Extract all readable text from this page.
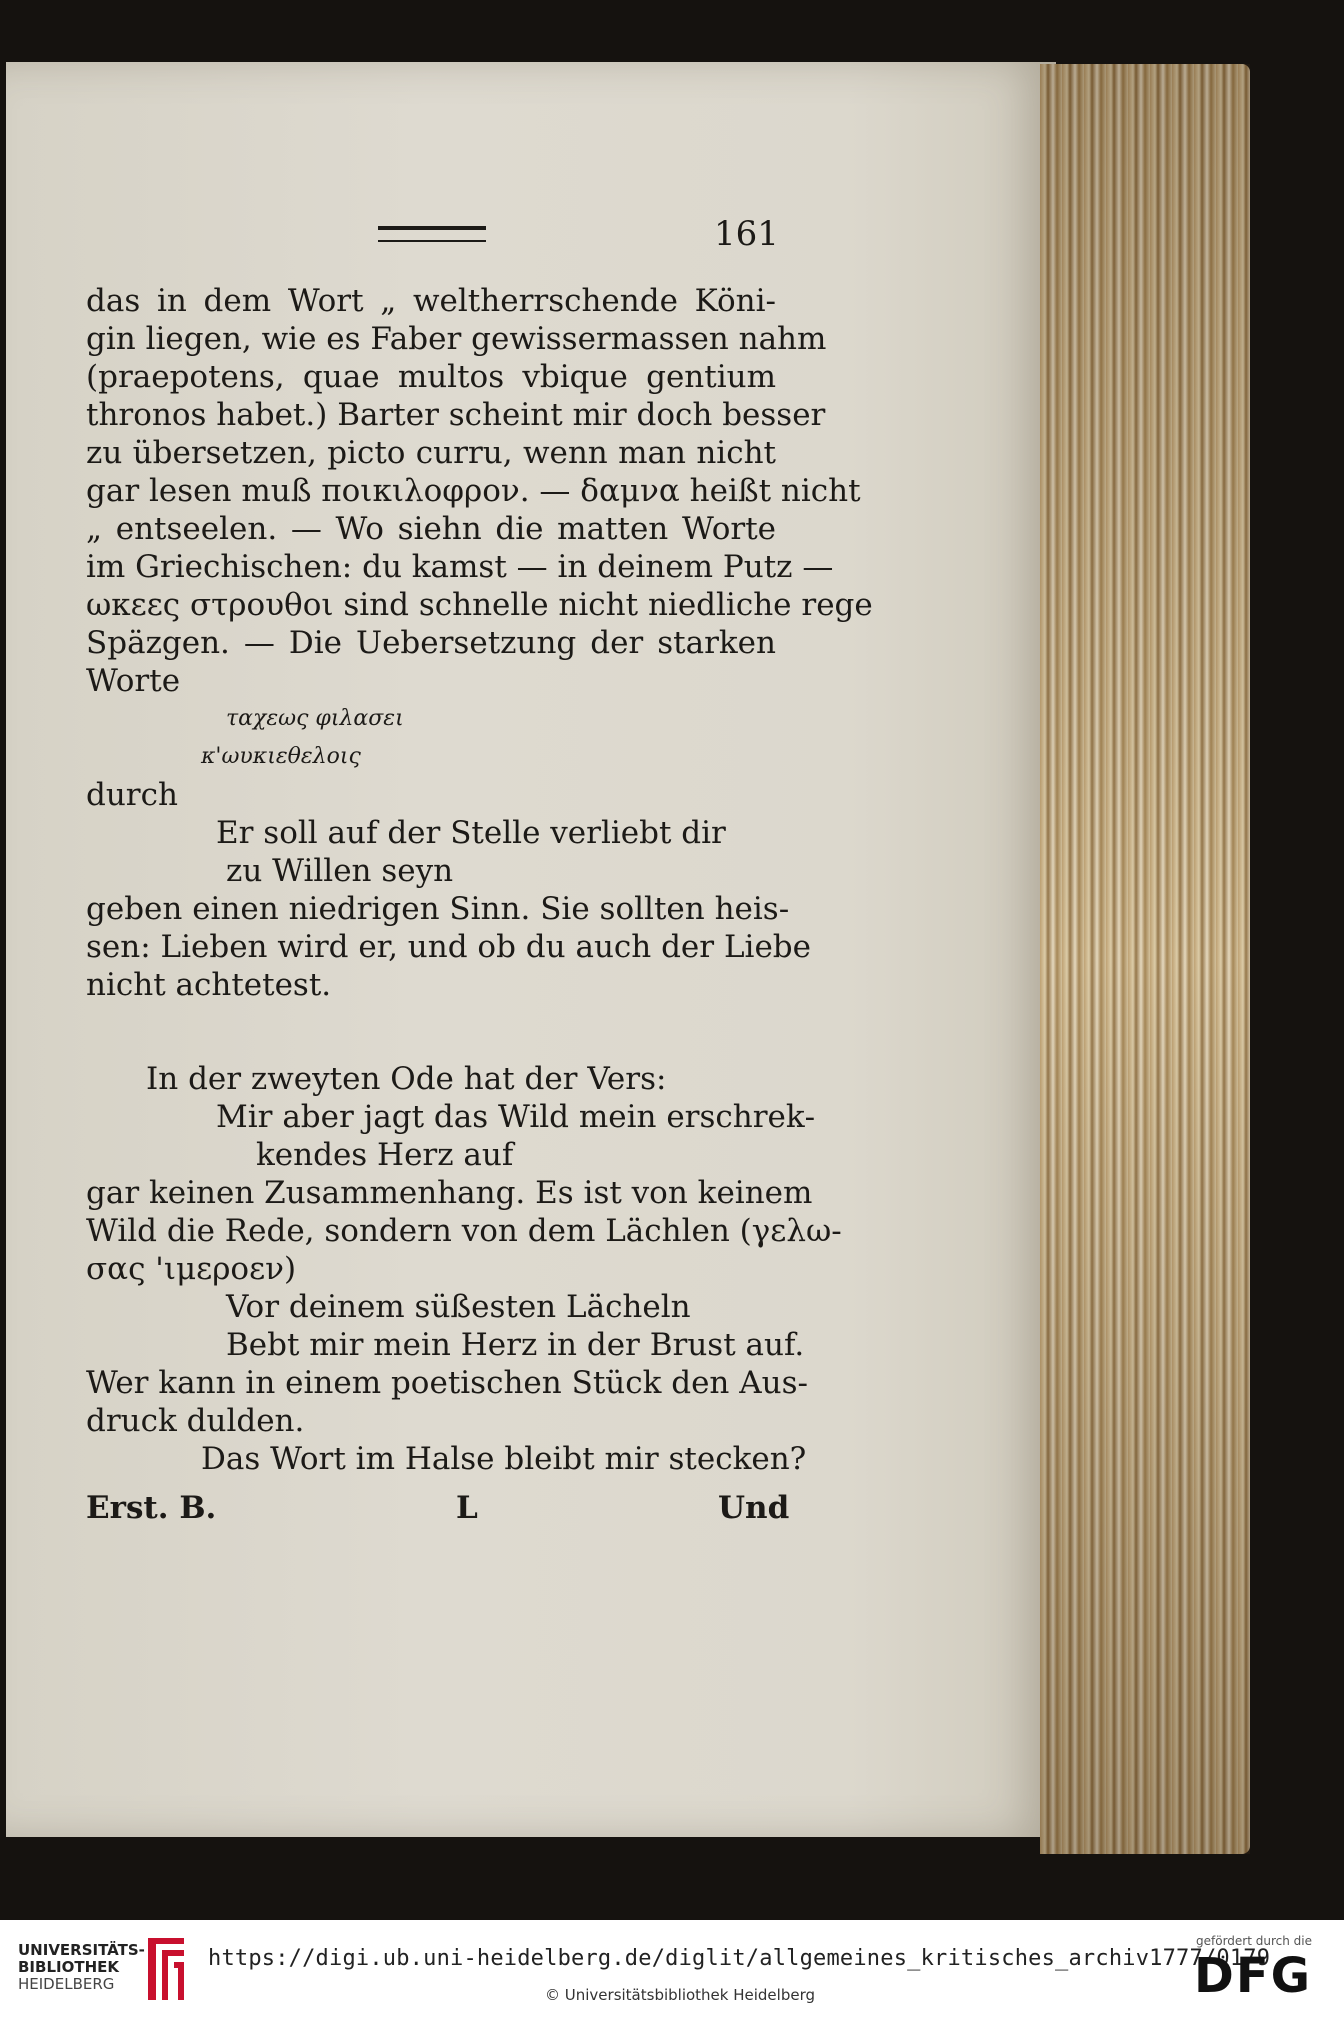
161
das in dem Wort „ weltherrschende Köni‑
gin liegen, wie es Faber gewissermassen nahm
(praepotens, quae multos vbique gentium
thronos habet.) Barter scheint mir doch besser
zu übersetzen, picto curru, wenn man nicht
gar lesen muß ποικιλοφρον. — δαμνα heißt nicht
„ entseelen. — Wo siehn die matten Worte
im Griechischen: du kamst — in deinem Putz —
ωκεες στρουθοι sind schnelle nicht niedliche rege
Späzgen. — Die Uebersetzung der starken
Worte
ταχεως φιλασει
κ'ωυκιεθελοις
durch
Er soll auf der Stelle verliebt dir
zu Willen seyn
geben einen niedrigen Sinn. Sie sollten heis‑
sen: Lieben wird er, und ob du auch der Liebe
nicht achtetest.
In der zweyten Ode hat der Vers:
Mir aber jagt das Wild mein erschrek‑
kendes Herz auf
gar keinen Zusammenhang. Es ist von keinem
Wild die Rede, sondern von dem Lächlen (γελω‑
σας 'ιμεροεν)
Vor deinem süßesten Lächeln
Bebt mir mein Herz in der Brust auf.
Wer kann in einem poetischen Stück den Aus‑
druck dulden.
Das Wort im Halse bleibt mir stecken?
Erst. B.	L	Und
UNIVERSITÄTS-
BIBLIOTHEK
HEIDELBERG
https://digi.ub.uni-heidelberg.de/diglit/allgemeines_kritisches_archiv1777/0179
© Universitätsbibliothek Heidelberg
gefördert durch die
DFG
